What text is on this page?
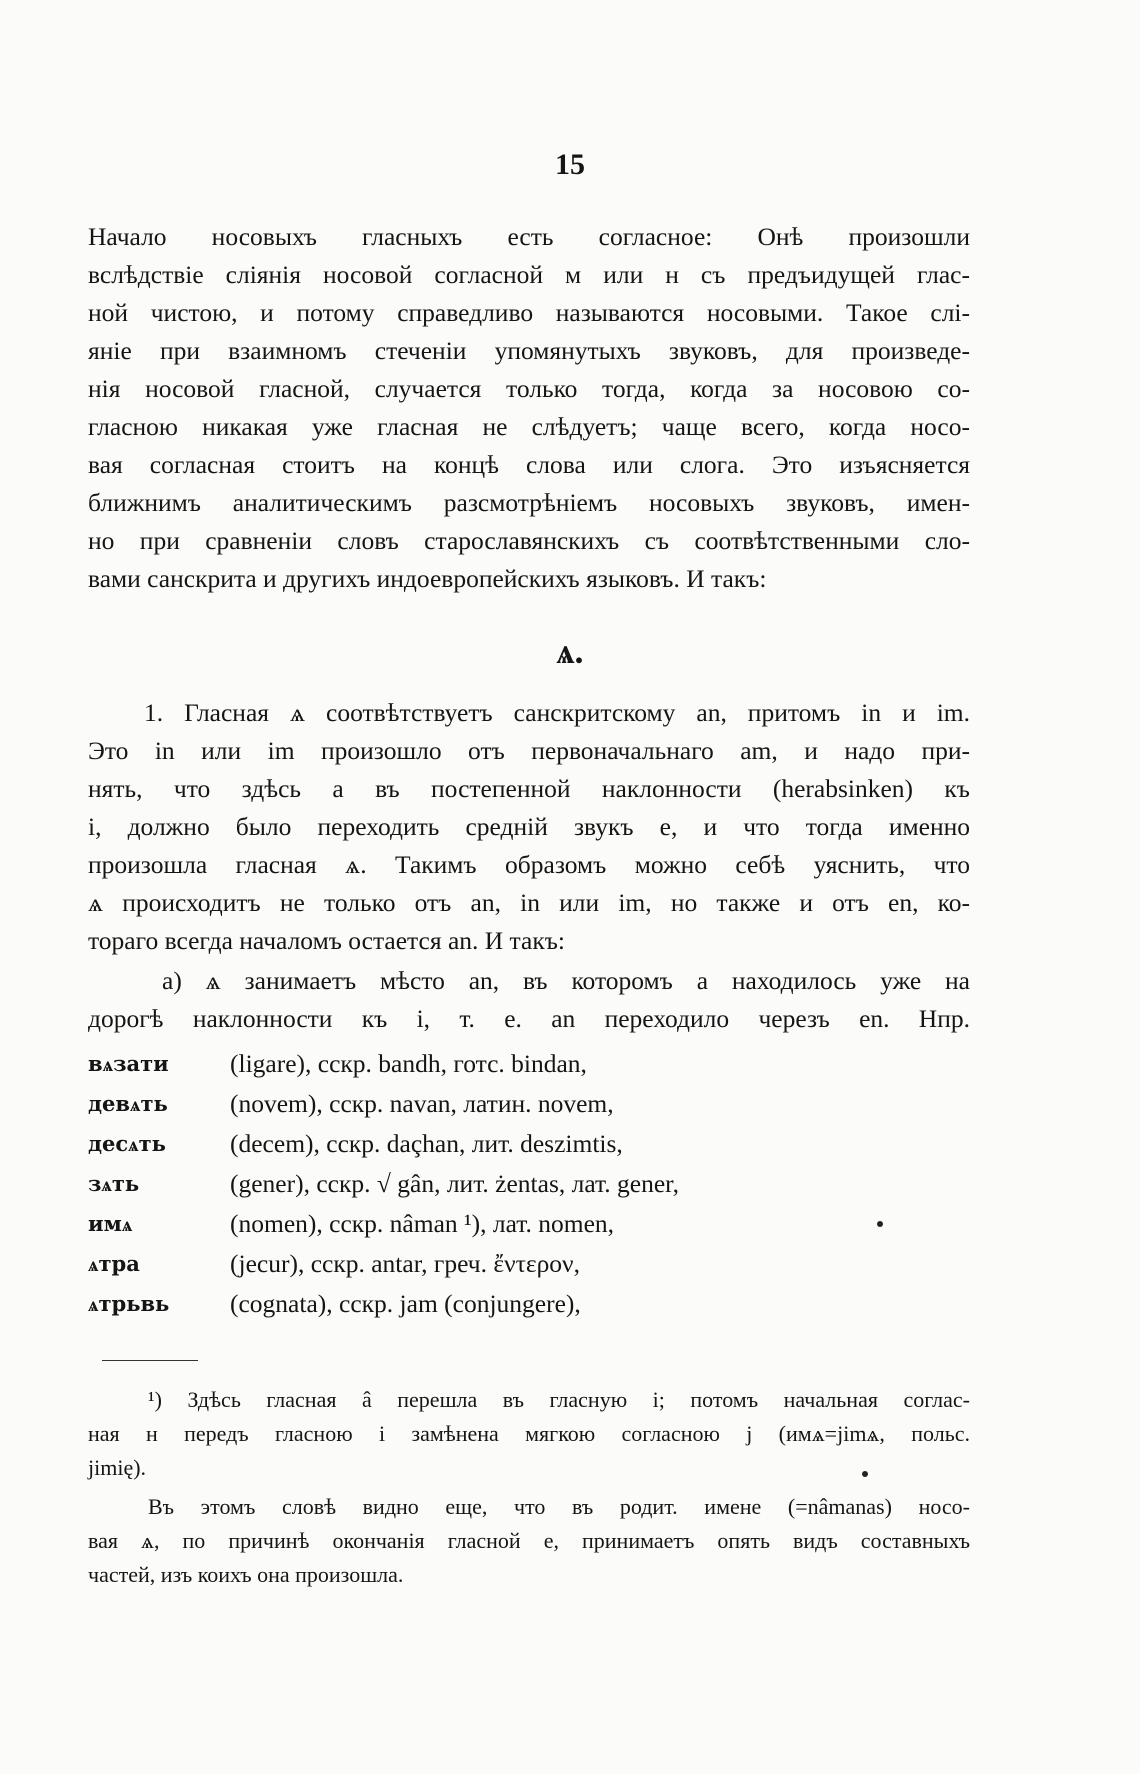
15
Начало носовыхъ гласныхъ есть согласное: Онѣ произошли
вслѣдствіе сліянія носовой согласной м или н съ предъидущей глас-
ной чистою, и потому справедливо называются носовыми. Такое слі-
яніе при взаимномъ стеченіи упомянутыхъ звуковъ, для произведе-
нія носовой гласной, случается только тогда, когда за носовою со-
гласною никакая уже гласная не слѣдуетъ; чаще всего, когда носо-
вая согласная стоитъ на концѣ слова или слога. Это изъясняется
ближнимъ аналитическимъ разсмотрѣніемъ носовыхъ звуковъ, имен-
но при сравненіи словъ старославянскихъ съ соотвѣтственными сло-
вами санскрита и другихъ индоевропейскихъ языковъ. И такъ:
ѧ.
1. Гласная ѧ соотвѣтствуетъ санскритскому an, притомъ in и im.
Это in или im произошло отъ первоначальнаго am, и надо при-
нять, что здѣсь a въ постепенной наклонности (herabsinken) къ
i, должно было переходить средній звукъ e, и что тогда именно
произошла гласная ѧ. Такимъ образомъ можно себѣ уяснить, что
ѧ происходитъ не только отъ an, in или im, но также и отъ en, ко-
тораго всегда началомъ остается an. И такъ:
а) ѧ занимаетъ мѣсто an, въ которомъ a находилось уже на
дорогѣ наклонности къ i, т. е. an переходило черезъ en. Нпр.
вѧзати	(ligare), сскр. bandh, готс. bindan,
девѧть	(novem), сскр. navan, латин. novem,
десѧть	(decem), сскр. daçhan, лит. deszimtis,
зѧть	(gener), сскр. √ gân, лит. żentas, лат. gener,
имѧ	(nomen), сскр. nâman ¹), лат. nomen,
ѧтра	(jecur), сскр. antar, греч. ἔντερον,
ѧтрьвь	(cognata), сскр. jam (conjungere),
¹) Здѣсь гласная â перешла въ гласную i; потомъ начальная соглас-
ная н передъ гласною і замѣнена мягкою согласною j (имѧ=jimѧ, польс.
jimię).
Въ этомъ словѣ видно еще, что въ родит. имене (=nâmanas) носо-
вая ѧ, по причинѣ окончанія гласной е, принимаетъ опять видъ составныхъ
частей, изъ коихъ она произошла.
